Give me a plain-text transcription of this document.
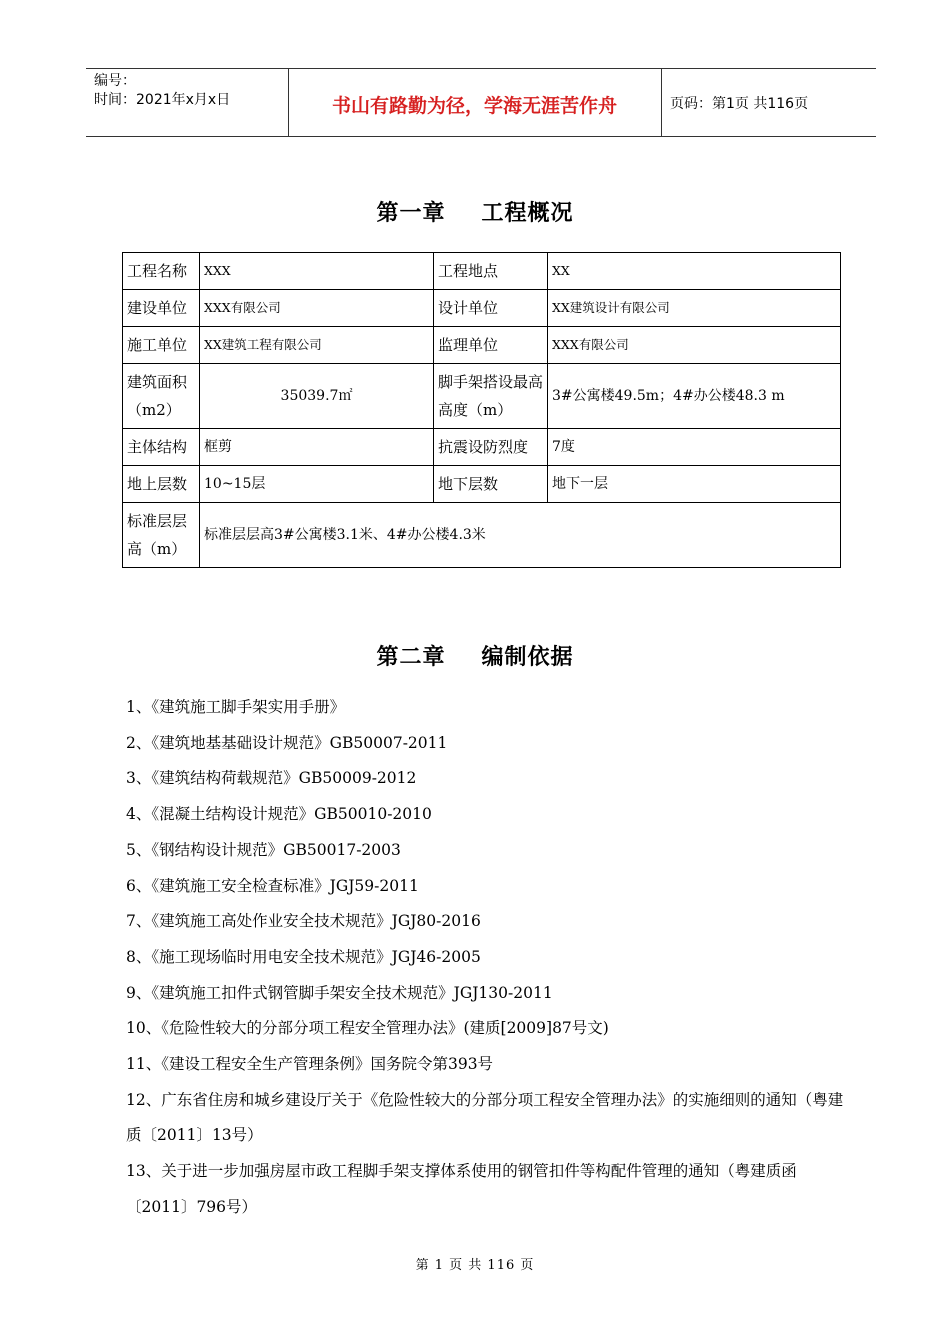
编号：
时间：2021年x月x日	书山有路勤为径，学海无涯苦作舟	页码：第1页 共116页
第一章 工程概况
工程名称	XXX	工程地点	XX
建设单位	XXX有限公司	设计单位	XX建筑设计有限公司
施工单位	XX建筑工程有限公司	监理单位	XXX有限公司
建筑面积（m2）	35039.7㎡	脚手架搭设最高高度（m）	3#公寓楼49.5m；4#办公楼48.3 m
主体结构	框剪	抗震设防烈度	7度
地上层数	10~15层	地下层数	地下一层
标准层层高（m）	标准层层高3#公寓楼3.1米、4#办公楼4.3米		
第二章 编制依据
1、《建筑施工脚手架实用手册》
2、《建筑地基基础设计规范》GB50007-2011
3、《建筑结构荷载规范》GB50009-2012
4、《混凝土结构设计规范》GB50010-2010
5、《钢结构设计规范》GB50017-2003
6、《建筑施工安全检查标准》JGJ59-2011
7、《建筑施工高处作业安全技术规范》JGJ80-2016
8、《施工现场临时用电安全技术规范》JGJ46-2005
9、《建筑施工扣件式钢管脚手架安全技术规范》JGJ130-2011
10、《危险性较大的分部分项工程安全管理办法》(建质[2009]87号文)
11、《建设工程安全生产管理条例》国务院令第393号
12、广东省住房和城乡建设厅关于《危险性较大的分部分项工程安全管理办法》的实施细则的通知（粤建质〔2011〕13号）
13、关于进一步加强房屋市政工程脚手架支撑体系使用的钢管扣件等构配件管理的通知（粤建质函〔2011〕796号）
第 1 页 共 116 页
